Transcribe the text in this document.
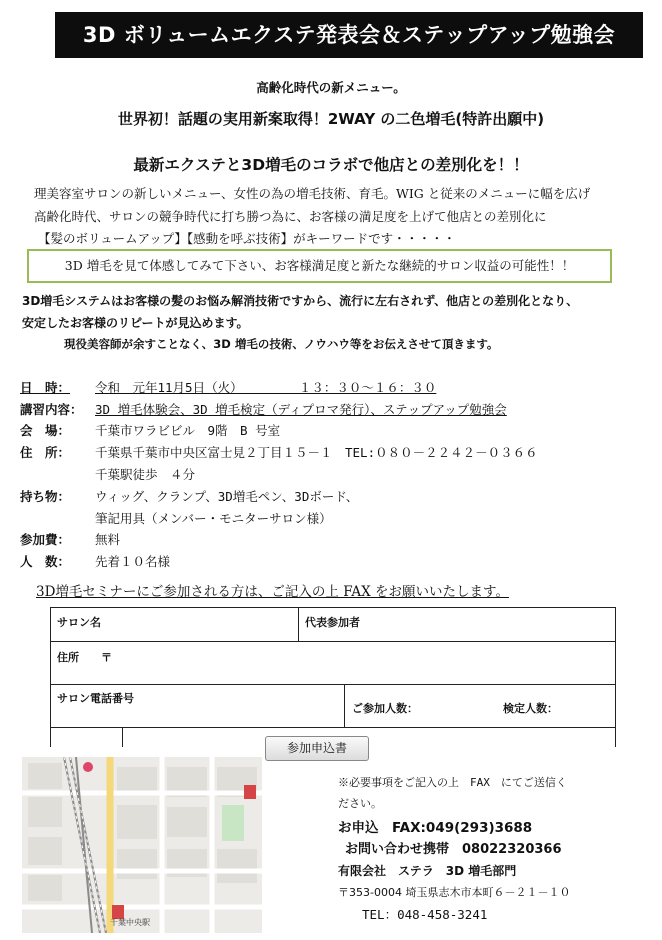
3D ボリュームエクステ発表会＆ステップアップ勉強会
高齢化時代の新メニュー。
世界初！話題の実用新案取得！2WAY の二色増毛(特許出願中)
最新エクステと3D増毛のコラボで他店との差別化を！！
理美容室サロンの新しいメニュー、女性の為の増毛技術、育毛。WIG と従来のメニューに幅を広げ
高齢化時代、サロンの競争時代に打ち勝つ為に、お客様の満足度を上げて他店との差別化に
【髪のボリュームアップ】【感動を呼ぶ技術】がキーワードです・・・・・
3D 増毛を見て体感してみて下さい、お客様満足度と新たな継続的サロン収益の可能性！！
3D増毛システムはお客様の髪のお悩み解消技術ですから、流行に左右されず、他店との差別化となり、
安定したお客様のリピートが見込めます。
現役美容師が余すことなく、3D 増毛の技術、ノウハウ等をお伝えさせて頂きます。
日　時： 令和　元年11月5日（火）　　　　　１３：３０～１６：３０
講習内容： 3D 増毛体験会、3D 増毛検定（ディプロマ発行）、ステップアップ勉強会
会　場： 千葉市ワラビビル　9階　B 号室
住　所： 千葉県千葉市中央区富士見２丁目１５－１　TEL:０８０－２２４２－０３６６
千葉駅徒歩　４分
持ち物： ウィッグ、クランプ、3D増毛ペン、3Dボード、
筆記用具（メンバー・モニターサロン様）
参加費： 無料
人　数： 先着１０名様
3D増毛セミナーにご参加される方は、ご記入の上 FAX をお願いいたします。
サロン名	代表参加者
住所　　〒
サロン電話番号
ご参加人数：	検定人数：
参加申込書
千葉中央駅
※必要事項をご記入の上　FAX　にてご送信く
ださい。
お申込　FAX:049(293)3688
お問い合わせ携帯　08022320366
有限会社　ステラ　3D 増毛部門
〒353-0004 埼玉県志木市本町６－２１－１０
TEL：048-458-3241
